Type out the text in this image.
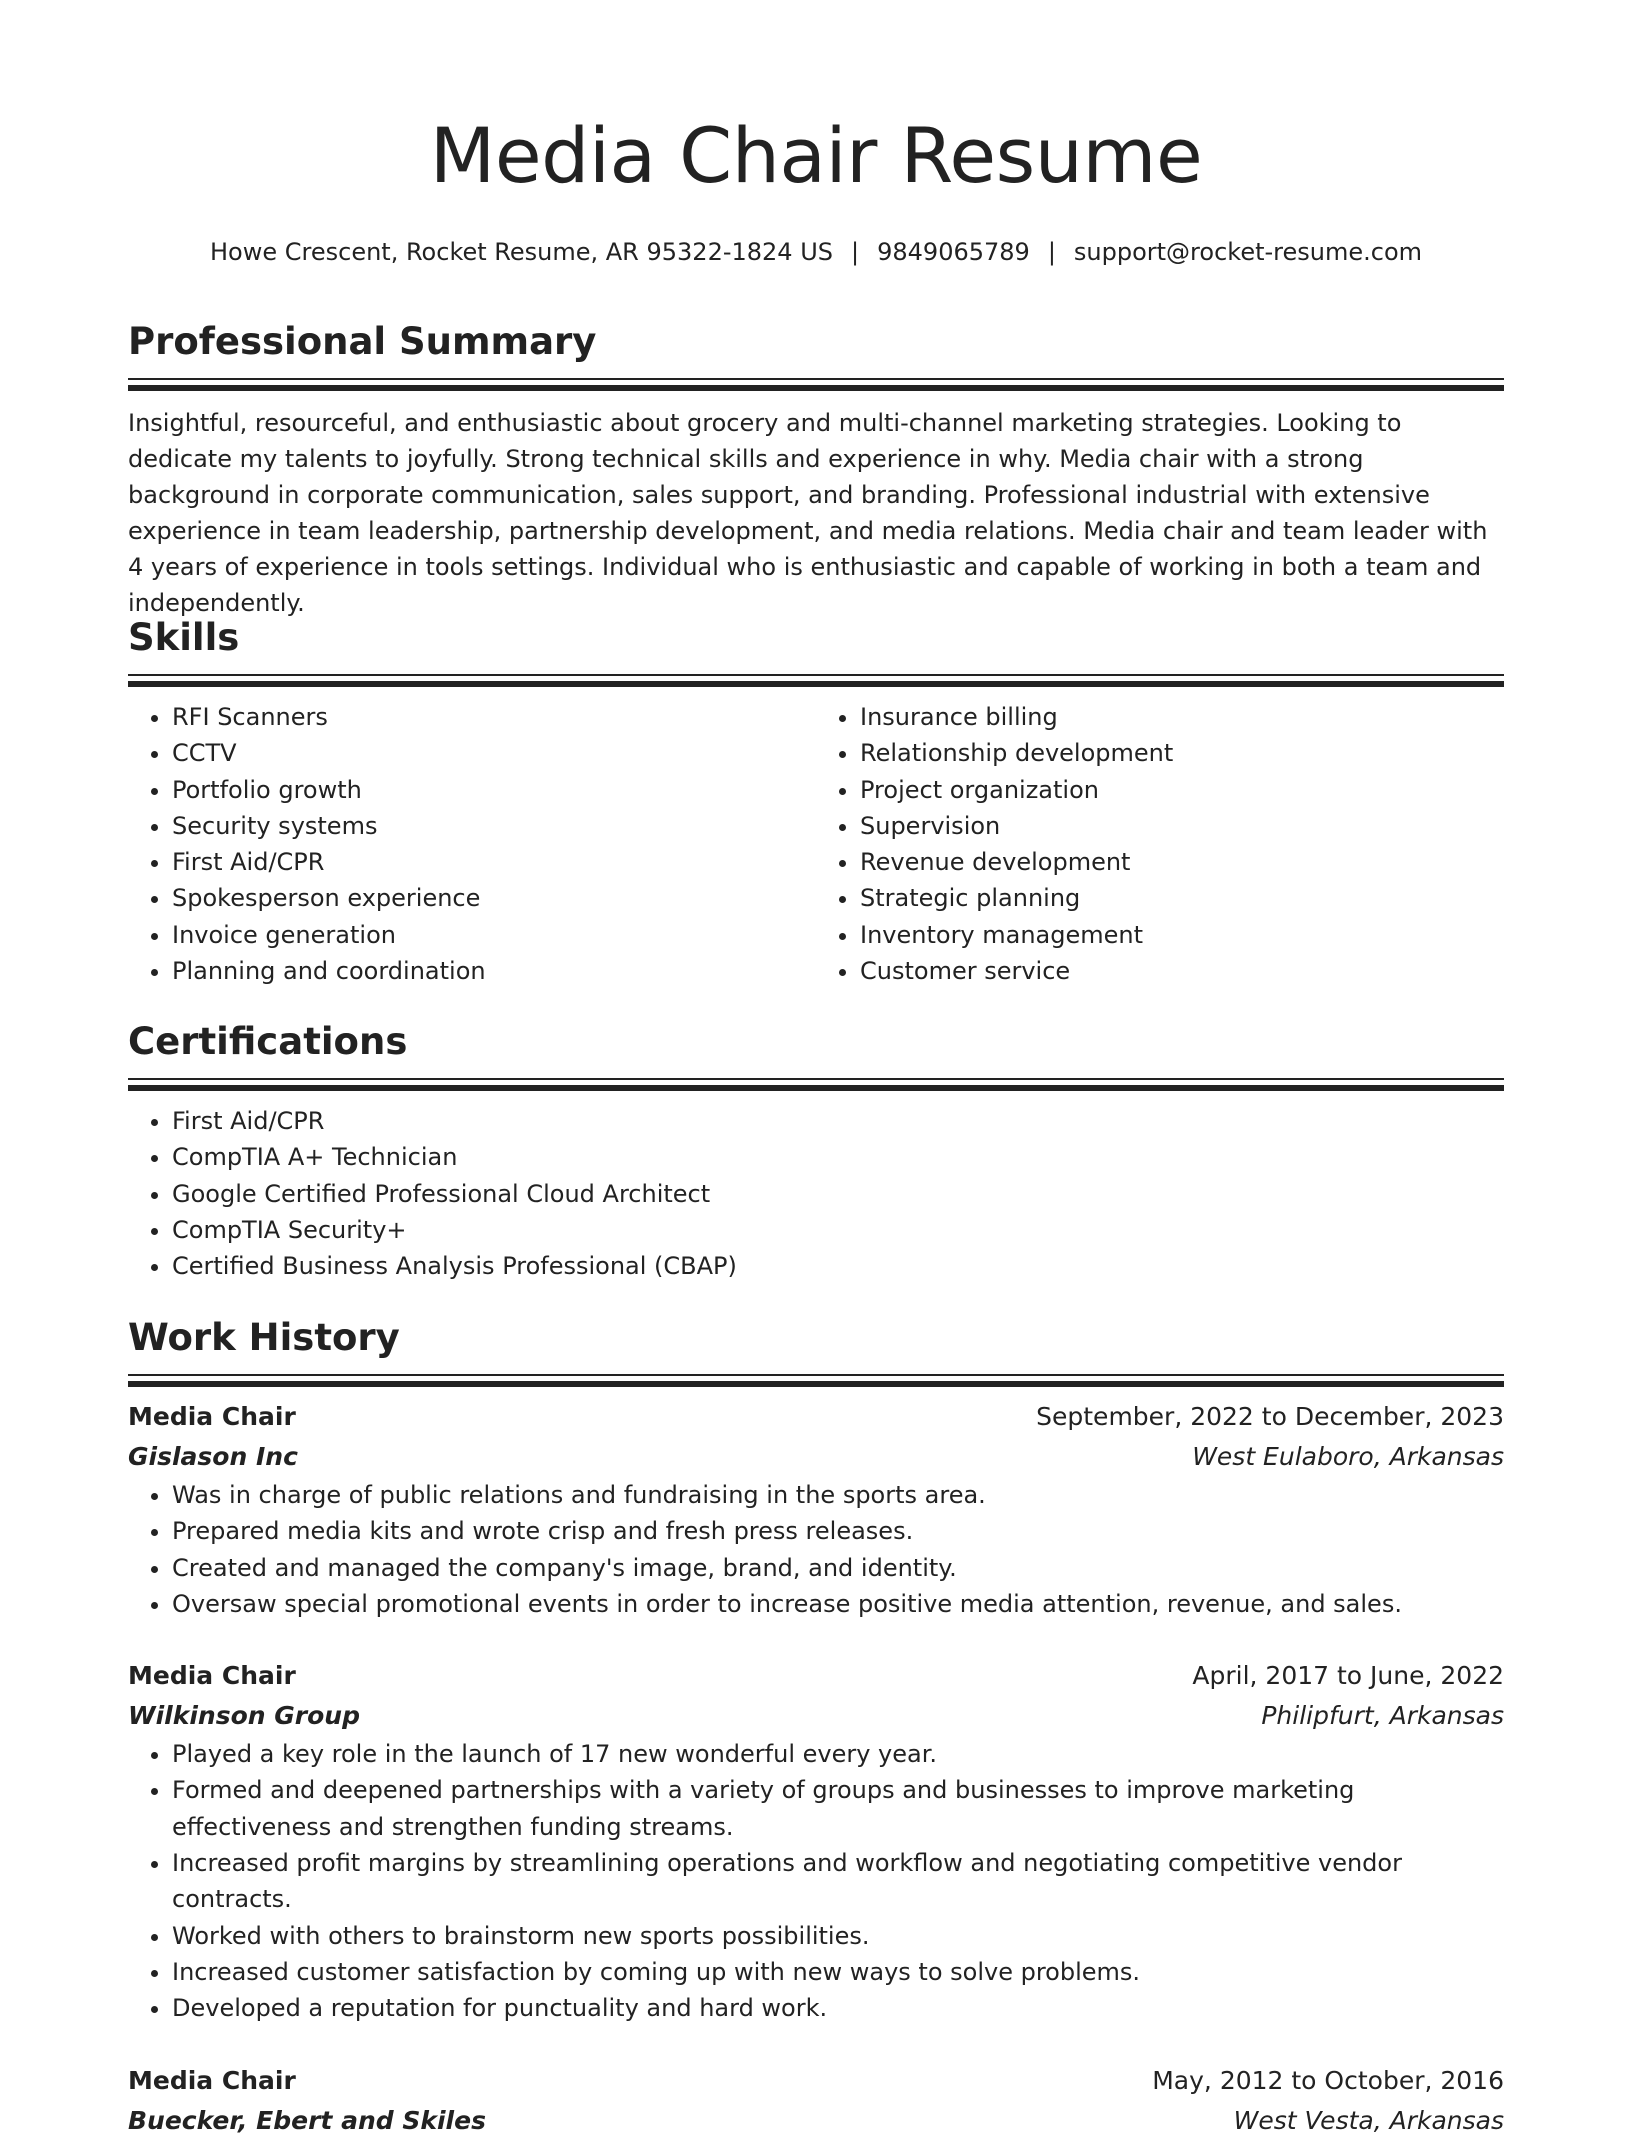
Media Chair Resume
Howe Crescent, Rocket Resume, AR 95322-1824 US | 9849065789 | support@rocket-resume.com
Professional Summary
Insightful, resourceful, and enthusiastic about grocery and multi-channel marketing strategies. Looking to dedicate my talents to joyfully. Strong technical skills and experience in why. Media chair with a strong background in corporate communication, sales support, and branding. Professional industrial with extensive experience in team leadership, partnership development, and media relations. Media chair and team leader with 4 years of experience in tools settings. Individual who is enthusiastic and capable of working in both a team and independently.
Skills
• RFI Scanners
• CCTV
• Portfolio growth
• Security systems
• First Aid/CPR
• Spokesperson experience
• Invoice generation
• Planning and coordination
• Insurance billing
• Relationship development
• Project organization
• Supervision
• Revenue development
• Strategic planning
• Inventory management
• Customer service
Certifications
• First Aid/CPR
• CompTIA A+ Technician
• Google Certified Professional Cloud Architect
• CompTIA Security+
• Certified Business Analysis Professional (CBAP)
Work History
Media Chair	September, 2022 to December, 2023
Gislason Inc	West Eulaboro, Arkansas
• Was in charge of public relations and fundraising in the sports area.
• Prepared media kits and wrote crisp and fresh press releases.
• Created and managed the company's image, brand, and identity.
• Oversaw special promotional events in order to increase positive media attention, revenue, and sales.
Media Chair	April, 2017 to June, 2022
Wilkinson Group	Philipfurt, Arkansas
• Played a key role in the launch of 17 new wonderful every year.
• Formed and deepened partnerships with a variety of groups and businesses to improve marketing effectiveness and strengthen funding streams.
• Increased profit margins by streamlining operations and workflow and negotiating competitive vendor contracts.
• Worked with others to brainstorm new sports possibilities.
• Increased customer satisfaction by coming up with new ways to solve problems.
• Developed a reputation for punctuality and hard work.
Media Chair	May, 2012 to October, 2016
Buecker, Ebert and Skiles	West Vesta, Arkansas
